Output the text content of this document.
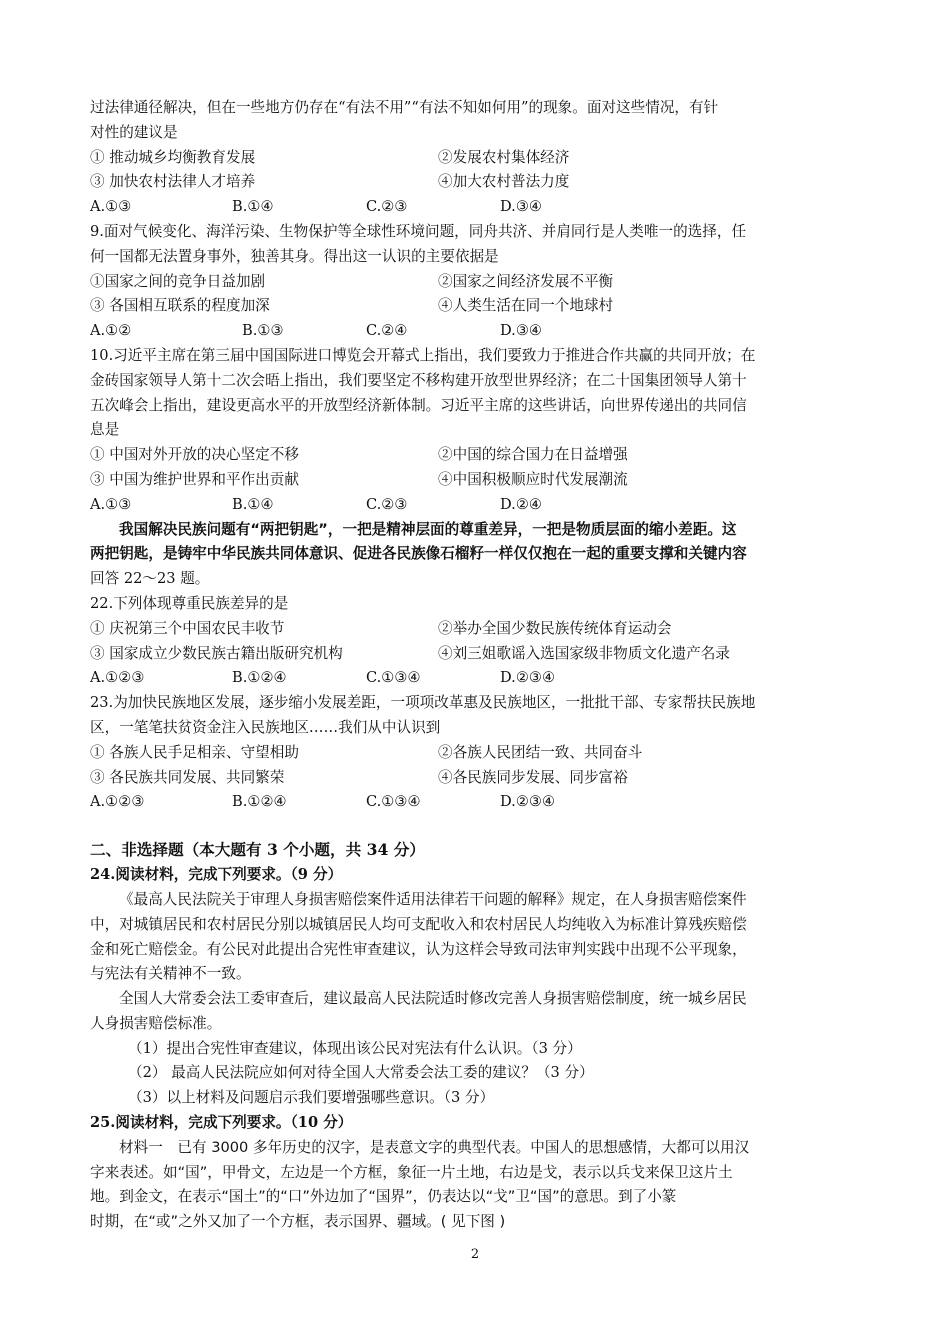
过法律通径解决，但在一些地方仍存在“有法不用”“有法不知如何用”的现象。面对这些情况，有针
对性的建议是
① 推动城乡均衡教育发展	②发展农村集体经济
③ 加快农村法律人才培养	④加大农村普法力度
A.①③	B.①④	C.②③	D.③④
9.面对气候变化、海洋污染、生物保护等全球性环境问题，同舟共济、并肩同行是人类唯一的选择，任
何一国都无法置身事外，独善其身。得出这一认识的主要依据是
①国家之间的竞争日益加剧	②国家之间经济发展不平衡
③ 各国相互联系的程度加深	④人类生活在同一个地球村
A.①②	B.①③	C.②④	D.③④
10.习近平主席在第三届中国国际进口博览会开幕式上指出，我们要致力于推进合作共赢的共同开放；在
金砖国家领导人第十二次会晤上指出，我们要坚定不移构建开放型世界经济；在二十国集团领导人第十
五次峰会上指出，建设更高水平的开放型经济新体制。习近平主席的这些讲话，向世界传递出的共同信
息是
① 中国对外开放的决心坚定不移	②中国的综合国力在日益增强
③ 中国为维护世界和平作出贡献	④中国积极顺应时代发展潮流
A.①③	B.①④	C.②③	D.②④
我国解决民族问题有“两把钥匙”，一把是精神层面的尊重差异，一把是物质层面的缩小差距。这
两把钥匙，是铸牢中华民族共同体意识、促进各民族像石榴籽一样仅仅抱在一起的重要支撑和关键内容
回答 22～23 题。
22.下列体现尊重民族差异的是
① 庆祝第三个中国农民丰收节	②举办全国少数民族传统体育运动会
③ 国家成立少数民族古籍出版研究机构	④刘三姐歌谣入选国家级非物质文化遗产名录
A.①②③	B.①②④	C.①③④	D.②③④
23.为加快民族地区发展，逐步缩小发展差距，一项项改革惠及民族地区，一批批干部、专家帮扶民族地
区，一笔笔扶贫资金注入民族地区……我们从中认识到
① 各族人民手足相亲、守望相助	②各族人民团结一致、共同奋斗
③ 各民族共同发展、共同繁荣	④各民族同步发展、同步富裕
A.①②③	B.①②④	C.①③④	D.②③④
二、非选择题（本大题有 3 个小题，共 34 分）
24.阅读材料，完成下列要求。（9 分）
《最高人民法院关于审理人身损害赔偿案件适用法律若干问题的解释》规定，在人身损害赔偿案件
中，对城镇居民和农村居民分别以城镇居民人均可支配收入和农村居民人均纯收入为标准计算残疾赔偿
金和死亡赔偿金。有公民对此提出合宪性审查建议，认为这样会导致司法审判实践中出现不公平现象，
与宪法有关精神不一致。
全国人大常委会法工委审查后，建议最高人民法院适时修改完善人身损害赔偿制度，统一城乡居民
人身损害赔偿标准。
（1）提出合宪性审查建议，体现出该公民对宪法有什么认识。（3 分）
（2） 最高人民法院应如何对待全国人大常委会法工委的建议？（3 分）
（3）以上材料及问题启示我们要增强哪些意识。（3 分）
25.阅读材料，完成下列要求。（10 分）
材料一　已有 3000 多年历史的汉字，是表意文字的典型代表。中国人的思想感情，大都可以用汉
字来表述。如“国”，甲骨文，左边是一个方框，象征一片土地，右边是戈，表示以兵戈来保卫这片土
地。到金文，在表示“国土”的“口”外边加了“国界”，仍表达以“戈”卫“国”的意思。到了小篆
时期，在“或”之外又加了一个方框，表示国界、疆域。( 见下图 )
2
